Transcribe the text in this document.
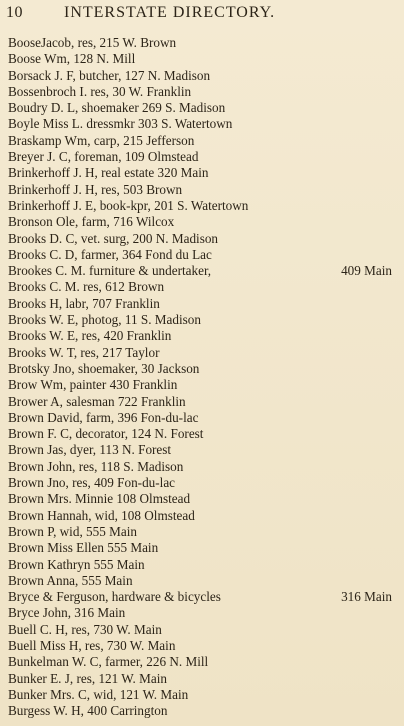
10	INTERSTATE DIRECTORY.
BooseJacob, res, 215 W. Brown
Boose Wm, 128 N. Mill
Borsack J. F, butcher, 127 N. Madison
Bossenbroch I. res, 30 W. Franklin
Boudry D. L, shoemaker 269 S. Madison
Boyle Miss L. dressmkr 303 S. Watertown
Braskamp Wm, carp, 215 Jefferson
Breyer J. C, foreman, 109 Olmstead
Brinkerhoff J. H, real estate 320 Main
Brinkerhoff J. H, res, 503 Brown
Brinkerhoff J. E, book-kpr, 201 S. Watertown
Bronson Ole, farm, 716 Wilcox
Brooks D. C, vet. surg, 200 N. Madison
Brooks C. D, farmer, 364 Fond du Lac
Brookes C. M. furniture & undertaker,	409 Main
Brooks C. M. res, 612 Brown
Brooks H, labr, 707 Franklin
Brooks W. E, photog, 11 S. Madison
Brooks W. E, res, 420 Franklin
Brooks W. T, res, 217 Taylor
Brotsky Jno, shoemaker, 30 Jackson
Brow Wm, painter 430 Franklin
Brower A, salesman 722 Franklin
Brown David, farm, 396 Fon-du-lac
Brown F. C, decorator, 124 N. Forest
Brown Jas, dyer, 113 N. Forest
Brown John, res, 118 S. Madison
Brown Jno, res, 409 Fon-du-lac
Brown Mrs. Minnie 108 Olmstead
Brown Hannah, wid, 108 Olmstead
Brown P, wid, 555 Main
Brown Miss Ellen 555 Main
Brown Kathryn 555 Main
Brown Anna, 555 Main
Bryce & Ferguson, hardware & bicycles	316 Main
Bryce John, 316 Main
Buell C. H, res, 730 W. Main
Buell Miss H, res, 730 W. Main
Bunkelman W. C, farmer, 226 N. Mill
Bunker E. J, res, 121 W. Main
Bunker Mrs. C, wid, 121 W. Main
Burgess W. H, 400 Carrington
